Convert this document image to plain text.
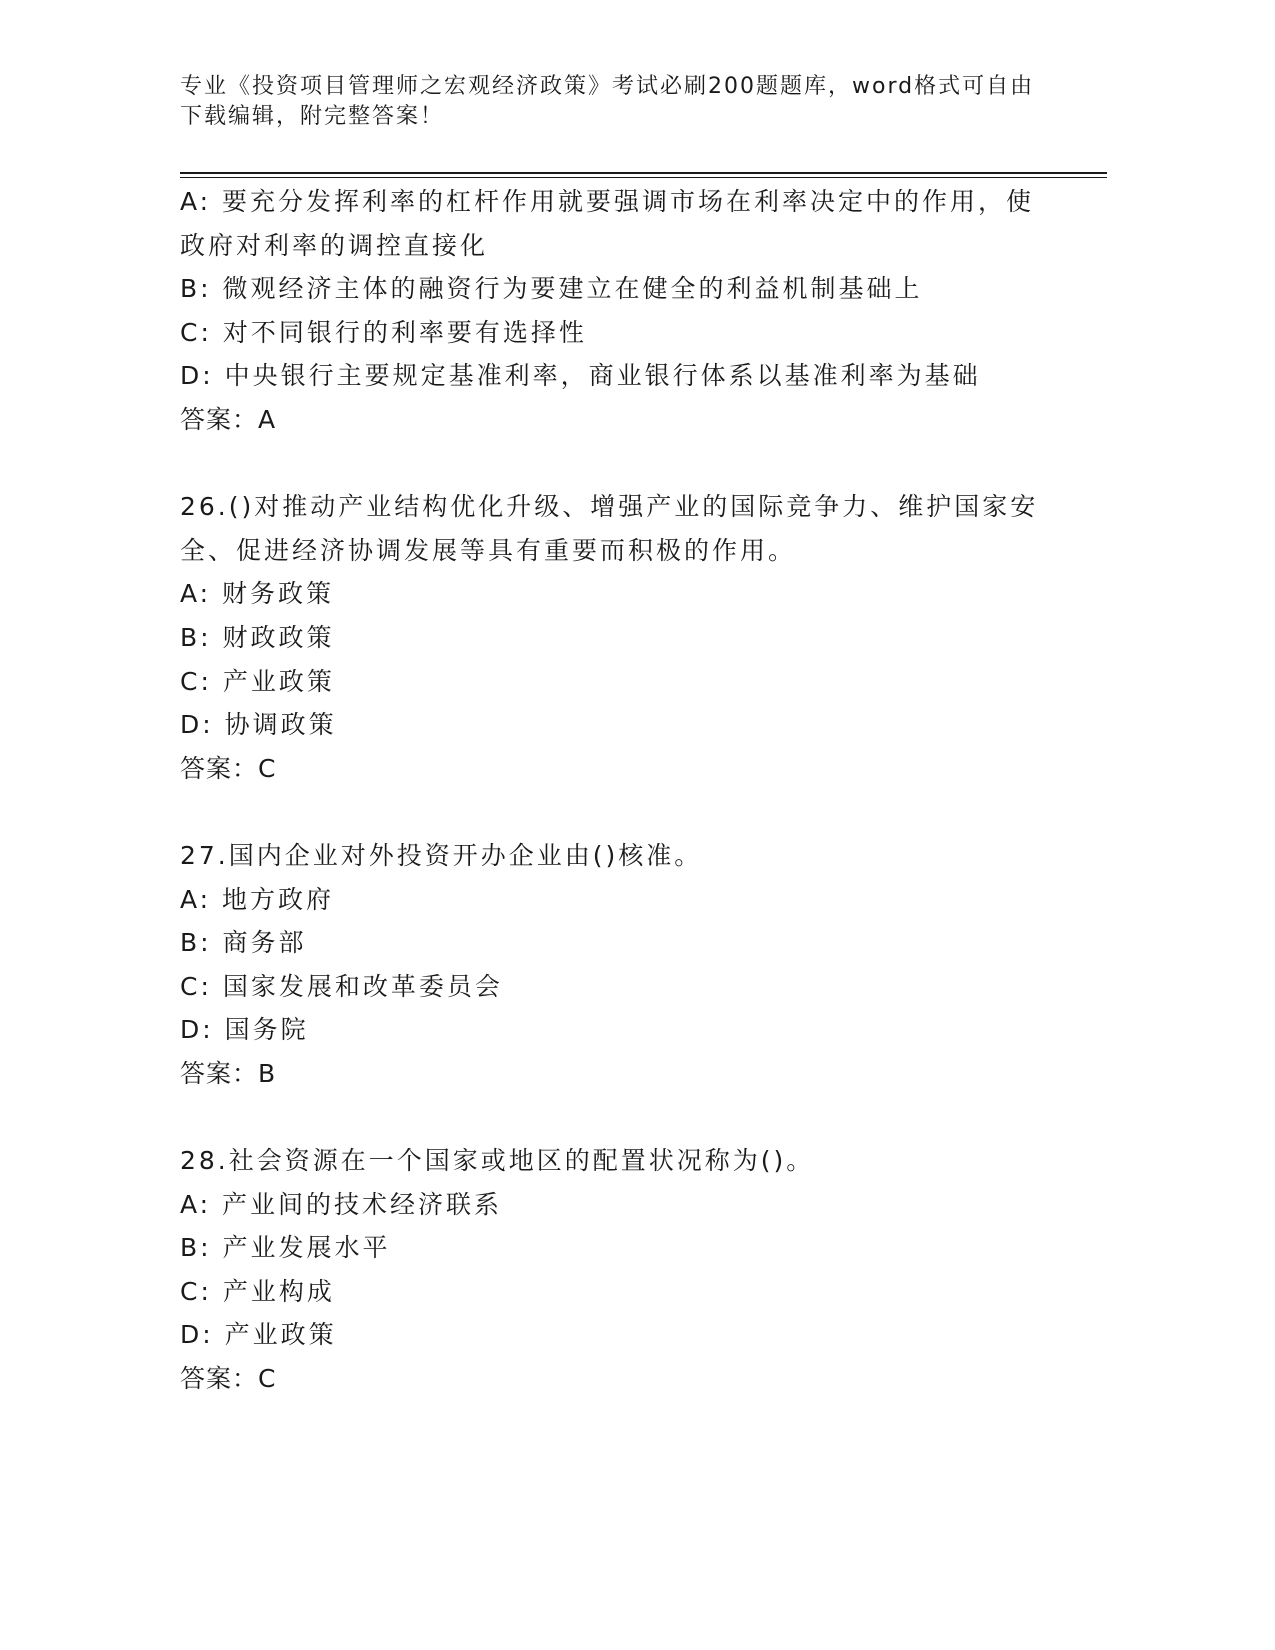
专业《投资项目管理师之宏观经济政策》考试必刷200题题库，word格式可自由
下载编辑，附完整答案！
A: 要充分发挥利率的杠杆作用就要强调市场在利率决定中的作用，使
政府对利率的调控直接化
B: 微观经济主体的融资行为要建立在健全的利益机制基础上
C: 对不同银行的利率要有选择性
D: 中央银行主要规定基准利率，商业银行体系以基准利率为基础
答案：A
26.()对推动产业结构优化升级、增强产业的国际竞争力、维护国家安
全、促进经济协调发展等具有重要而积极的作用。
A: 财务政策
B: 财政政策
C: 产业政策
D: 协调政策
答案：C
27.国内企业对外投资开办企业由()核准。
A: 地方政府
B: 商务部
C: 国家发展和改革委员会
D: 国务院
答案：B
28.社会资源在一个国家或地区的配置状况称为()。
A: 产业间的技术经济联系
B: 产业发展水平
C: 产业构成
D: 产业政策
答案：C
